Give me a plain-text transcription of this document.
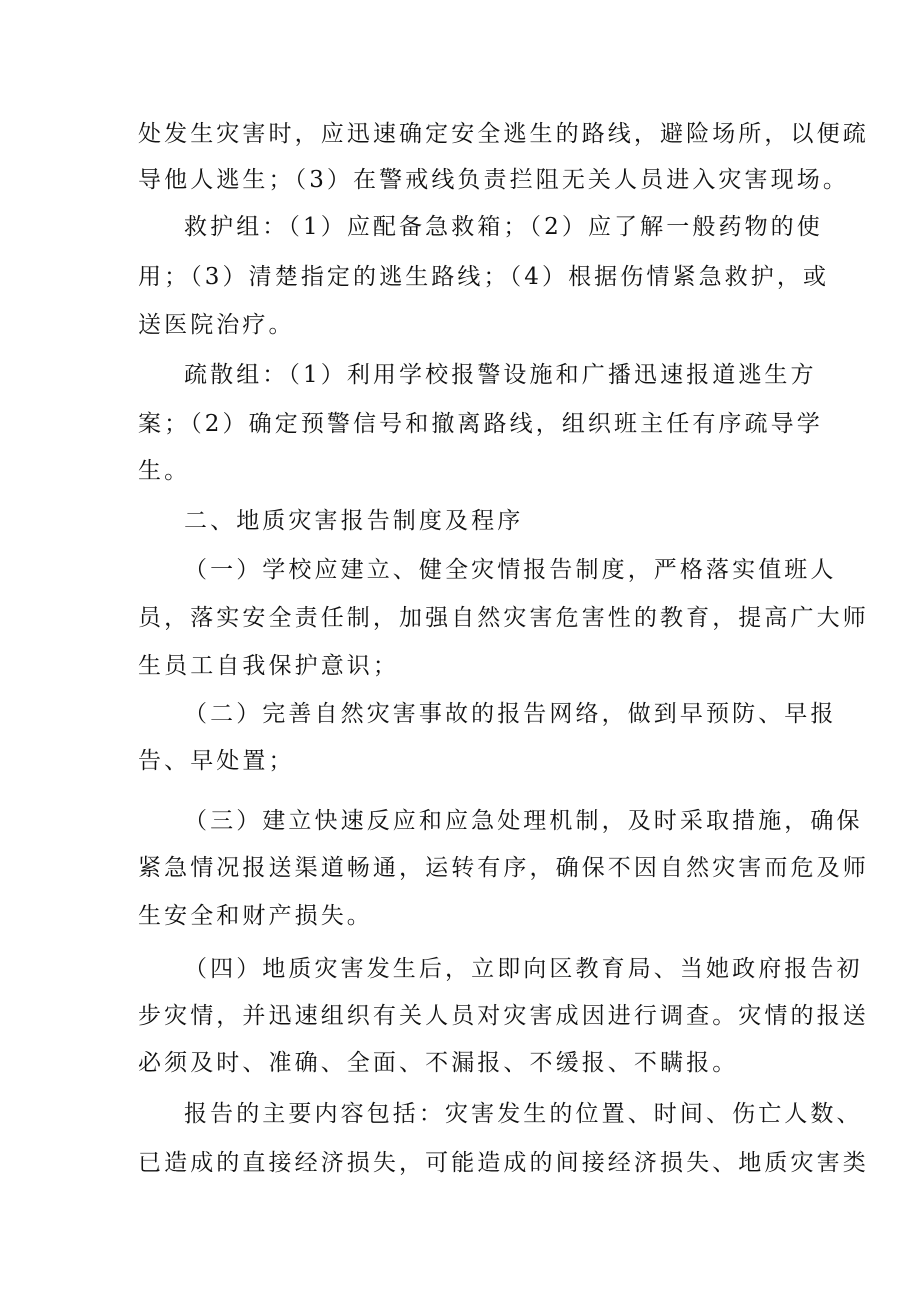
处发生灾害时，应迅速确定安全逃生的路线，避险场所，以便疏
导他人逃生；（3）在警戒线负责拦阻无关人员进入灾害现场。
救护组：（1）应配备急救箱；（2）应了解一般药物的使
用；（3）清楚指定的逃生路线；（4）根据伤情紧急救护，或
送医院治疗。
疏散组：（1）利用学校报警设施和广播迅速报道逃生方
案；（2）确定预警信号和撤离路线，组织班主任有序疏导学
生。
二、地质灾害报告制度及程序
（一）学校应建立、健全灾情报告制度，严格落实值班人
员，落实安全责任制，加强自然灾害危害性的教育，提高广大师
生员工自我保护意识；
（二）完善自然灾害事故的报告网络，做到早预防、早报
告、早处置；
（三）建立快速反应和应急处理机制，及时采取措施，确保
紧急情况报送渠道畅通，运转有序，确保不因自然灾害而危及师
生安全和财产损失。
（四）地质灾害发生后，立即向区教育局、当她政府报告初
步灾情，并迅速组织有关人员对灾害成因进行调查。灾情的报送
必须及时、准确、全面、不漏报、不缓报、不瞒报。
报告的主要内容包括：灾害发生的位置、时间、伤亡人数、
已造成的直接经济损失，可能造成的间接经济损失、地质灾害类
